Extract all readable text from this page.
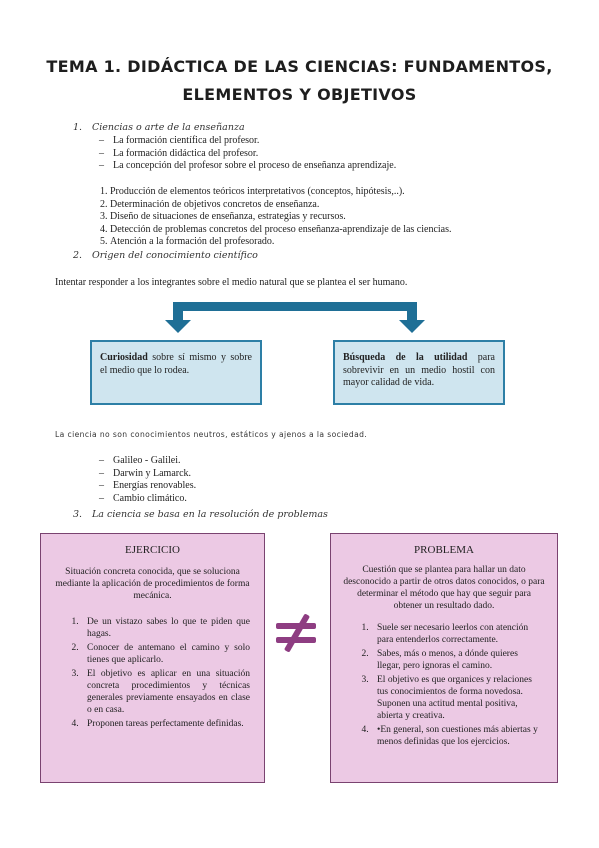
TEMA 1. DIDÁCTICA DE LAS CIENCIAS: FUNDAMENTOS,
ELEMENTOS Y OBJETIVOS
1. Ciencias o arte de la enseñanza
– La formación científica del profesor.
– La formación didáctica del profesor.
– La concepción del profesor sobre el proceso de enseñanza aprendizaje.
1. Producción de elementos teóricos interpretativos (conceptos, hipótesis,..).
2. Determinación de objetivos concretos de enseñanza.
3. Diseño de situaciones de enseñanza, estrategias y recursos.
4. Detección de problemas concretos del proceso enseñanza-aprendizaje de las ciencias.
5. Atención a la formación del profesorado.
2. Origen del conocimiento científico
Intentar responder a los integrantes sobre el medio natural que se plantea el ser humano.
Curiosidad sobre sí mismo y sobre el medio que lo rodea.
Búsqueda de la utilidad para sobrevivir en un medio hostil con mayor calidad de vida.
La ciencia no son conocimientos neutros, estáticos y ajenos a la sociedad.
– Galileo - Galilei.
– Darwin y Lamarck.
– Energías renovables.
– Cambio climático.
3. La ciencia se basa en la resolución de problemas
EJERCICIO
Situación concreta conocida, que se soluciona mediante la aplicación de procedimientos de forma mecánica.
1. De un vistazo sabes lo que te piden que hagas.
2. Conocer de antemano el camino y solo tienes que aplicarlo.
3. El objetivo es aplicar en una situación concreta procedimientos y técnicas generales previamente ensayados en clase o en casa.
4. Proponen tareas perfectamente definidas.
PROBLEMA
Cuestión que se plantea para hallar un dato desconocido a partir de otros datos conocidos, o para determinar el método que hay que seguir para obtener un resultado dado.
1. Suele ser necesario leerlos con atención para entenderlos correctamente.
2. Sabes, más o menos, a dónde quieres llegar, pero ignoras el camino.
3. El objetivo es que organices y relaciones tus conocimientos de forma novedosa. Suponen una actitud mental positiva, abierta y creativa.
4. •En general, son cuestiones más abiertas y menos definidas que los ejercicios.
